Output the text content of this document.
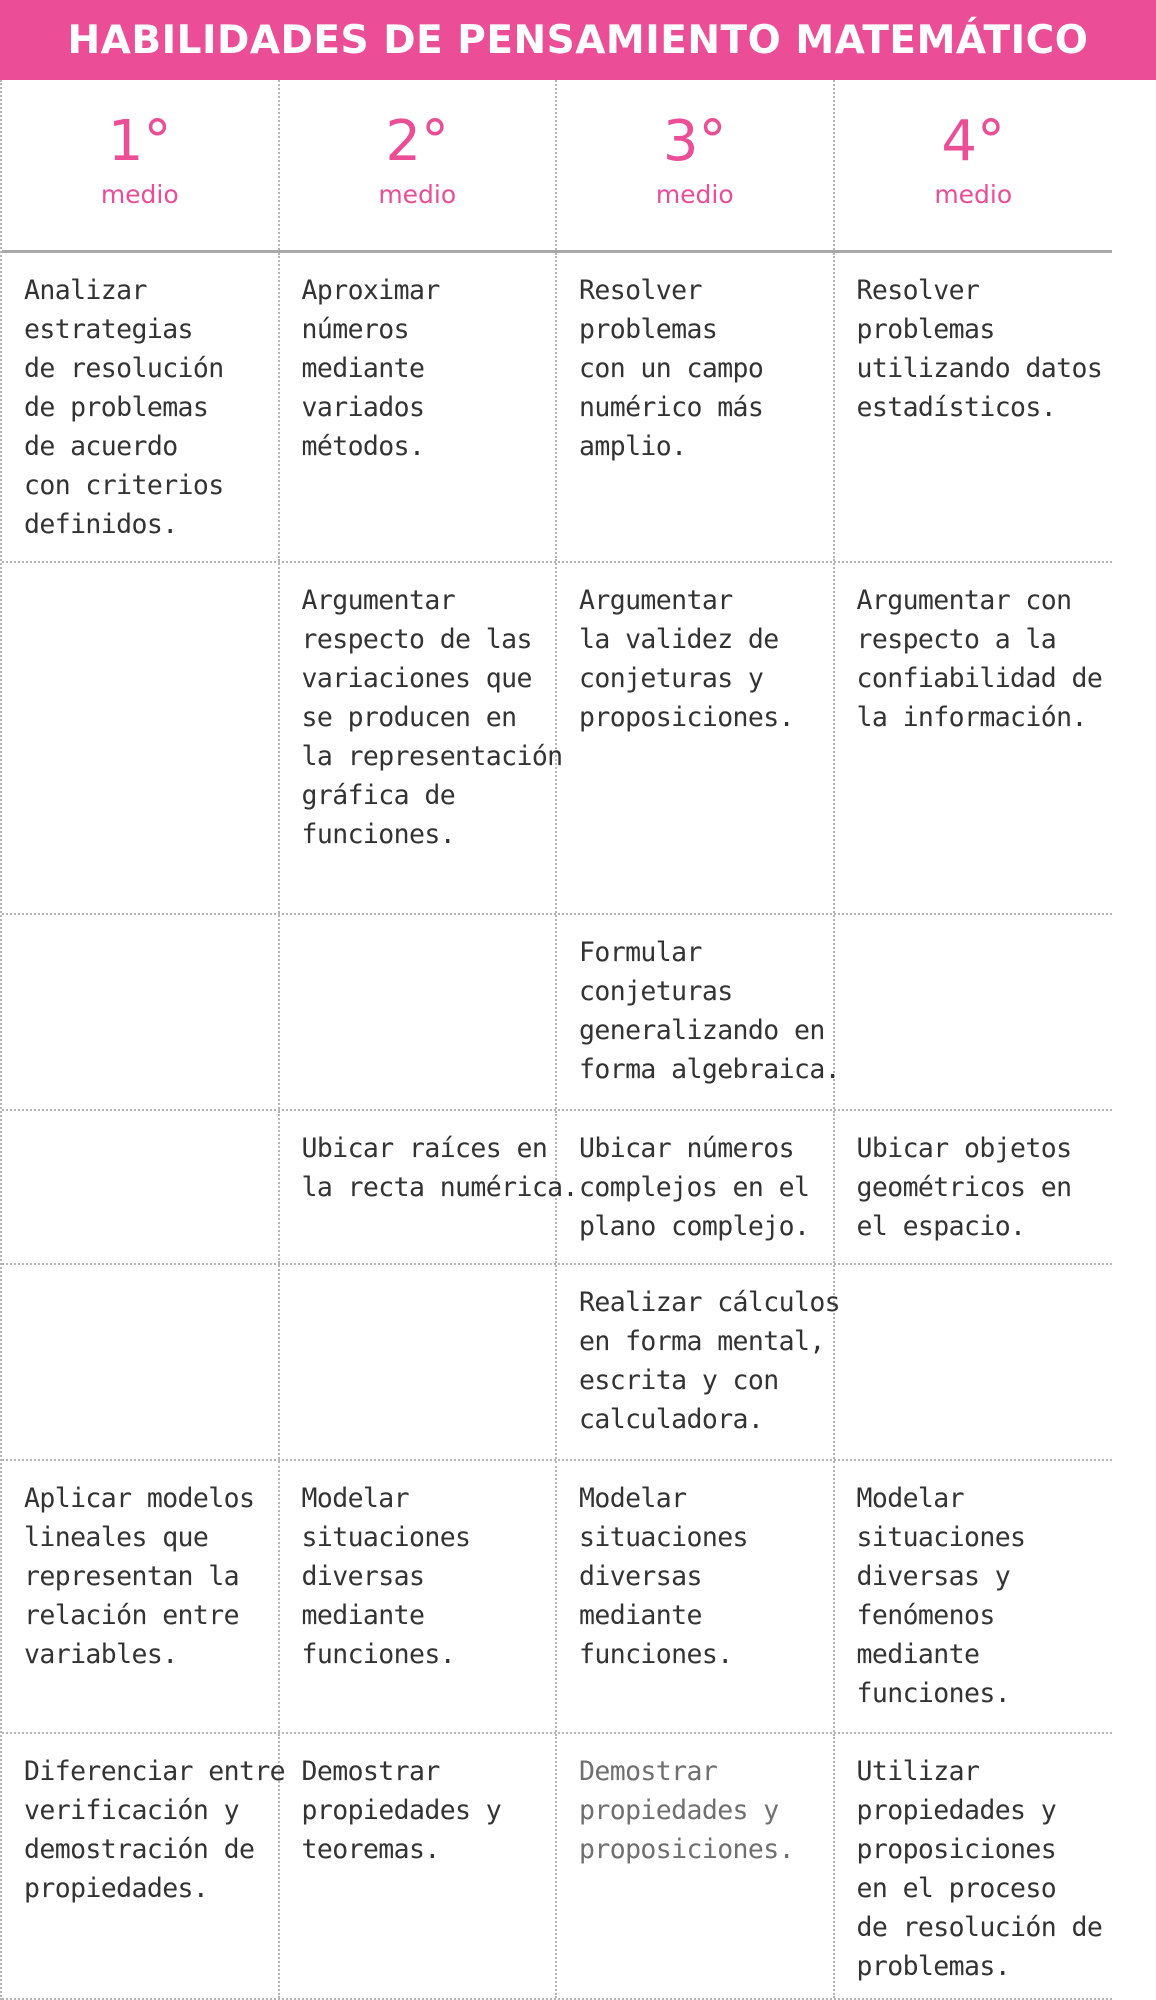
HABILIDADES DE PENSAMIENTO MATEMÁTICO
1°
medio
2°
medio
3°
medio
4°
medio
Analizar
estrategias
de resolución
de problemas
de acuerdo
con criterios
definidos.
Aproximar
números
mediante
variados
métodos.
Resolver
problemas
con un campo
numérico más
amplio.
Resolver
problemas
utilizando datos
estadísticos.
Argumentar
respecto de las
variaciones que
se producen en
la representación
gráfica de
funciones.
Argumentar
la validez de
conjeturas y
proposiciones.
Argumentar con
respecto a la
confiabilidad de
la información.
Formular
conjeturas
generalizando en
forma algebraica.
Ubicar raíces en
la recta numérica.
Ubicar números
complejos en el
plano complejo.
Ubicar objetos
geométricos en
el espacio.
Realizar cálculos
en forma mental,
escrita y con
calculadora.
Aplicar modelos
lineales que
representan la
relación entre
variables.
Modelar
situaciones
diversas
mediante
funciones.
Modelar
situaciones
diversas
mediante
funciones.
Modelar
situaciones
diversas y
fenómenos
mediante
funciones.
Diferenciar entre
verificación y
demostración de
propiedades.
Demostrar
propiedades y
teoremas.
Demostrar
propiedades y
proposiciones.
Utilizar
propiedades y
proposiciones
en el proceso
de resolución de
problemas.
